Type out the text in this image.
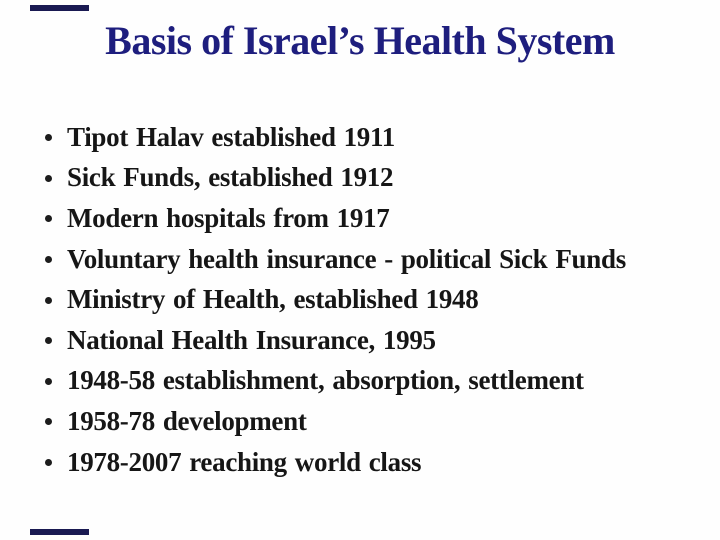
Basis of Israel’s Health System
Tipot Halav established 1911
Sick Funds, established 1912
Modern hospitals from 1917
Voluntary health insurance - political Sick Funds
Ministry of Health, established 1948
National Health Insurance, 1995
1948-58 establishment, absorption, settlement
1958-78 development
1978-2007 reaching world class
